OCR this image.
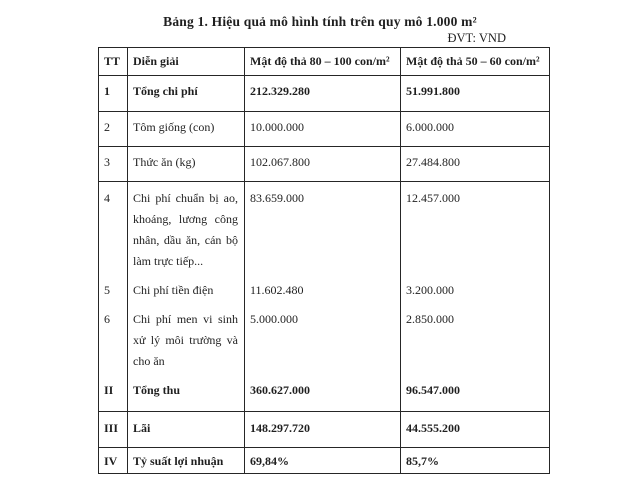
Bảng 1. Hiệu quả mô hình tính trên quy mô 1.000 m²
ĐVT: VND
TT	Diễn giải	Mật độ thả 80 – 100 con/m²	Mật độ thả 50 – 60 con/m²
1	Tổng chi phí	212.329.280	51.991.800
2	Tôm giống (con)	10.000.000	6.000.000
3	Thức ăn (kg)	102.067.800	27.484.800
4	Chi phí chuẩn bị ao, khoáng, lương công nhân, dầu ăn, cán bộ làm trực tiếp...	83.659.000	12.457.000
5	Chi phí tiền điện	11.602.480	3.200.000
6	Chi phí men vi sinh xử lý môi trường và cho ăn	5.000.000	2.850.000
II	Tổng thu	360.627.000	96.547.000
III	Lãi	148.297.720	44.555.200
IV	Tỷ suất lợi nhuận	69,84%	85,7%
